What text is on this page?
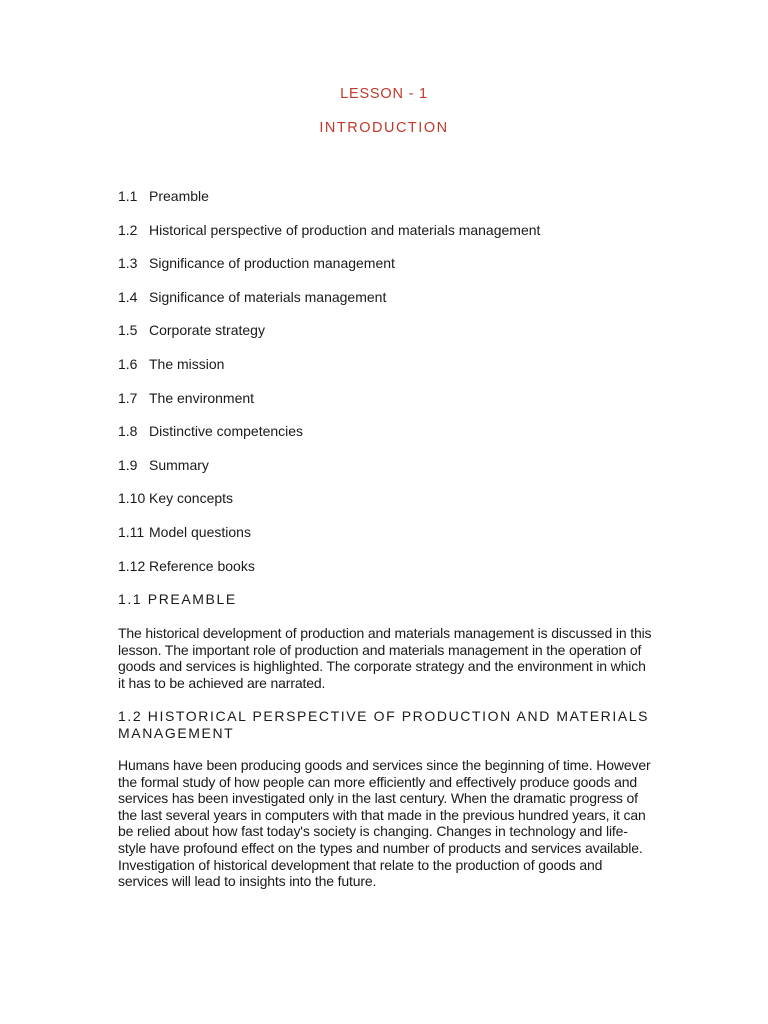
LESSON - 1
INTRODUCTION
1.1 Preamble
1.2 Historical perspective of production and materials management
1.3 Significance of production management
1.4 Significance of materials management
1.5 Corporate strategy
1.6 The mission
1.7 The environment
1.8 Distinctive competencies
1.9 Summary
1.10 Key concepts
1.11 Model questions
1.12 Reference books
1.1 PREAMBLE

The historical development of production and materials management is discussed in this lesson. The important role of production and materials management in the operation of goods and services is highlighted. The corporate strategy and the environment in which it has to be achieved are narrated.

1.2 HISTORICAL PERSPECTIVE OF PRODUCTION AND MATERIALS MANAGEMENT

Humans have been producing goods and services since the beginning of time. However the formal study of how people can more efficiently and effectively produce goods and services has been investigated only in the last century. When the dramatic progress of the last several years in computers with that made in the previous hundred years, it can be relied about how fast today's society is changing. Changes in technology and life-style have profound effect on the types and number of products and services available. Investigation of historical development that relate to the production of goods and services will lead to insights into the future.
